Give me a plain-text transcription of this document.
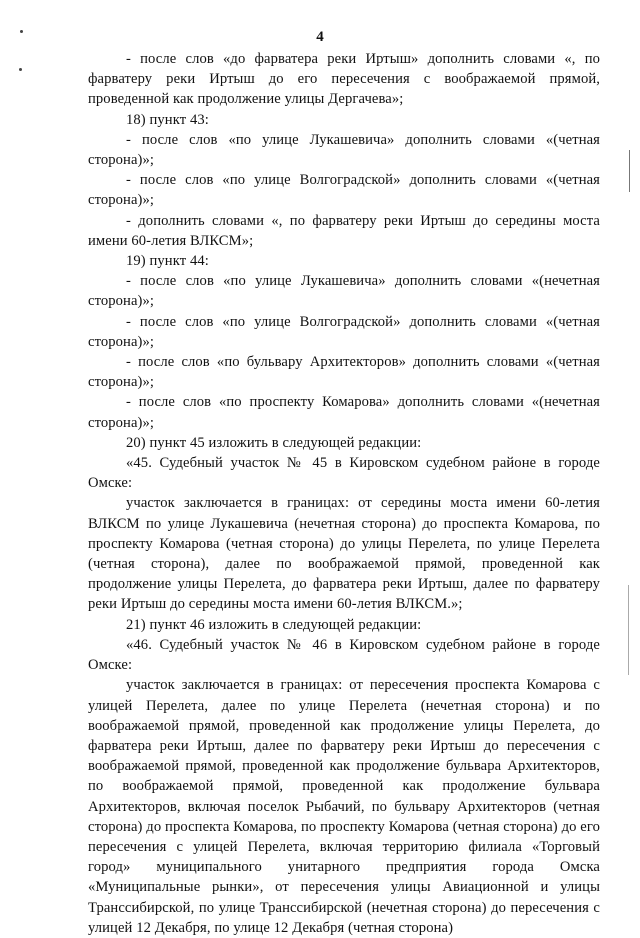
4

- после слов «до фарватера реки Иртыш» дополнить словами «, по фарватеру реки Иртыш до его пересечения с воображаемой прямой, проведенной как продолжение улицы Дергачева»;

18) пункт 43:

- после слов «по улице Лукашевича» дополнить словами «(четная сторона)»;

- после слов «по улице Волгоградской» дополнить словами «(четная сторона)»;

- дополнить словами «, по фарватеру реки Иртыш до середины моста имени 60-летия ВЛКСМ»;

19) пункт 44:

- после слов «по улице Лукашевича» дополнить словами «(нечетная сторона)»;

- после слов «по улице Волгоградской» дополнить словами «(четная сторона)»;

- после слов «по бульвару Архитекторов» дополнить словами «(четная сторона)»;

- после слов «по проспекту Комарова» дополнить словами «(нечетная сторона)»;

20) пункт 45 изложить в следующей редакции:

«45. Судебный участок № 45 в Кировском судебном районе в городе Омске:

участок заключается в границах: от середины моста имени 60-летия ВЛКСМ по улице Лукашевича (нечетная сторона) до проспекта Комарова, по проспекту Комарова (четная сторона) до улицы Перелета, по улице Перелета (четная сторона), далее по воображаемой прямой, проведенной как продолжение улицы Перелета, до фарватера реки Иртыш, далее по фарватеру реки Иртыш до середины моста имени 60-летия ВЛКСМ.»;

21) пункт 46 изложить в следующей редакции:

«46. Судебный участок № 46 в Кировском судебном районе в городе Омске:

участок заключается в границах: от пересечения проспекта Комарова с улицей Перелета, далее по улице Перелета (нечетная сторона) и по воображаемой прямой, проведенной как продолжение улицы Перелета, до фарватера реки Иртыш, далее по фарватеру реки Иртыш до пересечения с воображаемой прямой, проведенной как продолжение бульвара Архитекторов, по воображаемой прямой, проведенной как продолжение бульвара Архитекторов, включая поселок Рыбачий, по бульвару Архитекторов (четная сторона) до проспекта Комарова, по проспекту Комарова (четная сторона) до его пересечения с улицей Перелета, включая территорию филиала «Торговый город» муниципального унитарного предприятия города Омска «Муниципальные рынки», от пересечения улицы Авиационной и улицы Транссибирской, по улице Транссибирской (нечетная сторона) до пересечения с улицей 12 Декабря, по улице 12 Декабря (четная сторона)
